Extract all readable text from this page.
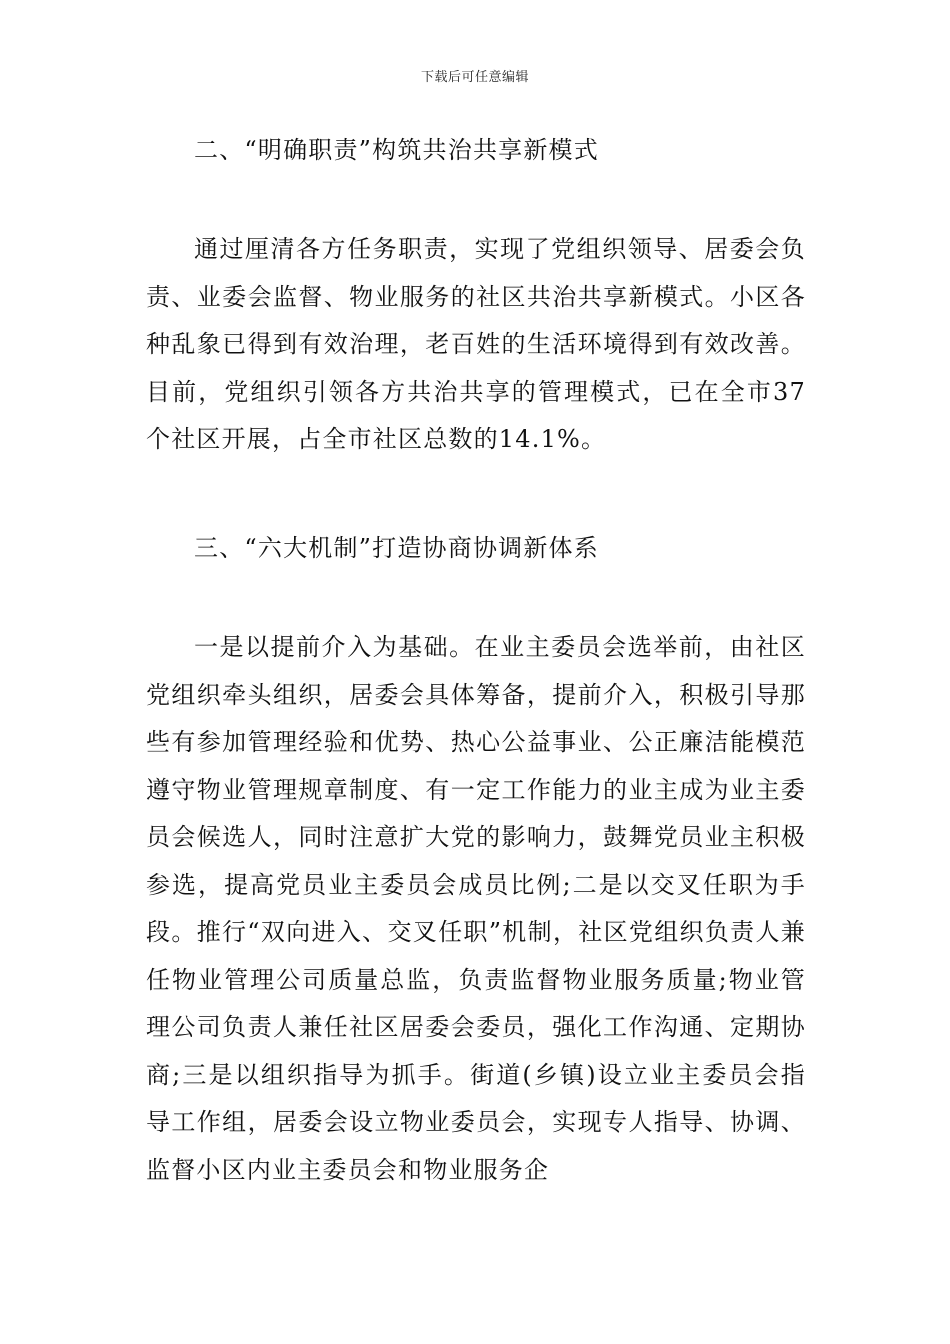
下载后可任意编辑
二、“明确职责”构筑共治共享新模式

通过厘清各方任务职责，实现了党组织领导、居委会负责、业委会监督、物业服务的社区共治共享新模式。小区各种乱象已得到有效治理，老百姓的生活环境得到有效改善。目前，党组织引领各方共治共享的管理模式，已在全市37个社区开展，占全市社区总数的14.1%。

三、“六大机制”打造协商协调新体系

一是以提前介入为基础。在业主委员会选举前，由社区党组织牵头组织，居委会具体筹备，提前介入，积极引导那些有参加管理经验和优势、热心公益事业、公正廉洁能模范遵守物业管理规章制度、有一定工作能力的业主成为业主委员会候选人，同时注意扩大党的影响力，鼓舞党员业主积极参选，提高党员业主委员会成员比例;二是以交叉任职为手段。推行“双向进入、交叉任职”机制，社区党组织负责人兼任物业管理公司质量总监，负责监督物业服务质量;物业管理公司负责人兼任社区居委会委员，强化工作沟通、定期协商;三是以组织指导为抓手。街道(乡镇)设立业主委员会指导工作组，居委会设立物业委员会，实现专人指导、协调、监督小区内业主委员会和物业服务企
